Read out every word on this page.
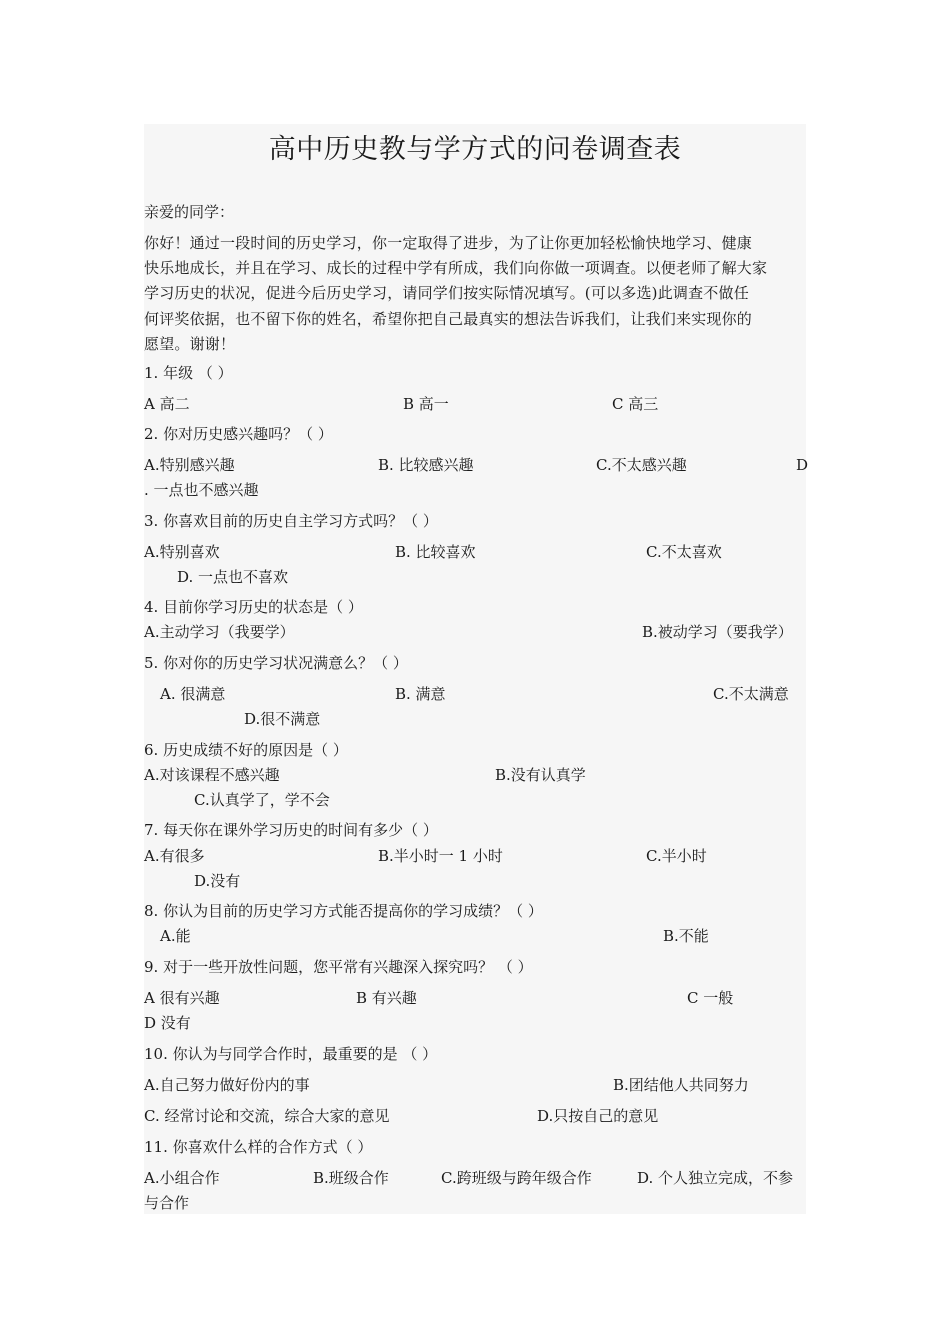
高中历史教与学方式的问卷调查表
亲爱的同学：
你好！通过一段时间的历史学习，你一定取得了进步，为了让你更加轻松愉快地学习、健康
快乐地成长，并且在学习、成长的过程中学有所成，我们向你做一项调查。以便老师了解大家
学习历史的状况，促进今后历史学习，请同学们按实际情况填写。(可以多选)此调查不做任
何评奖依据，也不留下你的姓名，希望你把自己最真实的想法告诉我们，让我们来实现你的
愿望。谢谢！
1. 年级 （ ）
A 高二	B 高一	C 高三
2. 你对历史感兴趣吗？（ ）
A.特别感兴趣	B. 比较感兴趣	C.不太感兴趣	D
. 一点也不感兴趣
3. 你喜欢目前的历史自主学习方式吗？（ ）
A.特别喜欢	B. 比较喜欢	C.不太喜欢
D. 一点也不喜欢
4. 目前你学习历史的状态是（ ）
A.主动学习（我要学）	B.被动学习（要我学）
5. 你对你的历史学习状况满意么？（ ）
A. 很满意	B. 满意	C.不太满意
D.很不满意
6. 历史成绩不好的原因是（ ）
A.对该课程不感兴趣	B.没有认真学
C.认真学了，学不会
7. 每天你在课外学习历史的时间有多少（ ）
A.有很多	B.半小时一 1 小时	C.半小时
D.没有
8. 你认为目前的历史学习方式能否提高你的学习成绩？（ ）
A.能	B.不能
9. 对于一些开放性问题，您平常有兴趣深入探究吗？ （ ）
A 很有兴趣	B 有兴趣	C 一般
D 没有
10. 你认为与同学合作时，最重要的是 （ ）
A.自己努力做好份内的事	B.团结他人共同努力
C. 经常讨论和交流，综合大家的意见	D.只按自己的意见
11. 你喜欢什么样的合作方式（ ）
A.小组合作	B.班级合作	C.跨班级与跨年级合作	D. 个人独立完成，不参
与合作
